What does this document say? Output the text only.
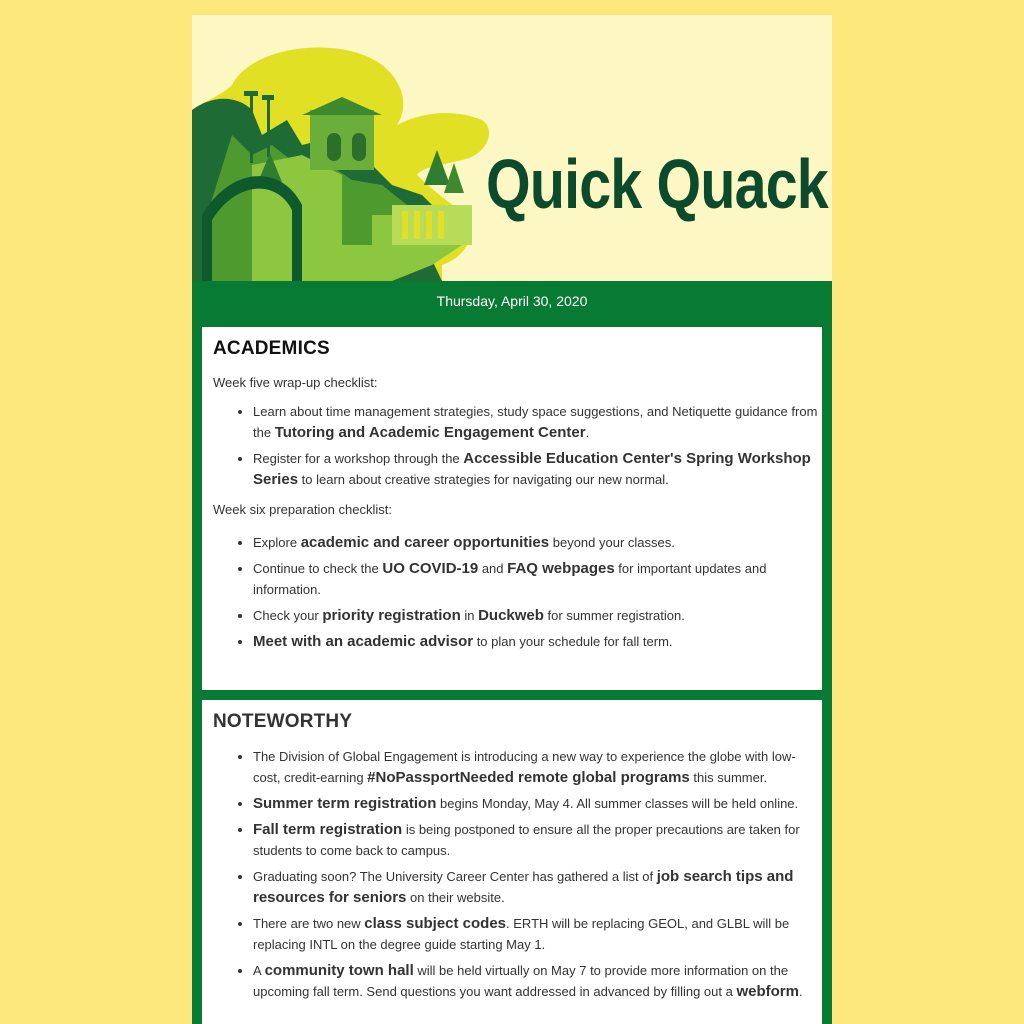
Quick Quack
Thursday, April 30, 2020
ACADEMICS

Week five wrap-up checklist:

• Learn about time management strategies, study space suggestions, and Netiquette guidance from the Tutoring and Academic Engagement Center.
• Register for a workshop through the Accessible Education Center's Spring Workshop Series to learn about creative strategies for navigating our new normal.

Week six preparation checklist:

• Explore academic and career opportunities beyond your classes.
• Continue to check the UO COVID-19 and FAQ webpages for important updates and information.
• Check your priority registration in Duckweb for summer registration.
• Meet with an academic advisor to plan your schedule for fall term.
NOTEWORTHY
• The Division of Global Engagement is introducing a new way to experience the globe with low-cost, credit-earning #NoPassportNeeded remote global programs this summer.
• Summer term registration begins Monday, May 4. All summer classes will be held online.
• Fall term registration is being postponed to ensure all the proper precautions are taken for students to come back to campus.
• Graduating soon? The University Career Center has gathered a list of job search tips and resources for seniors on their website.
• There are two new class subject codes. ERTH will be replacing GEOL, and GLBL will be replacing INTL on the degree guide starting May 1.
• A community town hall will be held virtually on May 7 to provide more information on the upcoming fall term. Send questions you want addressed in advanced by filling out a webform.
